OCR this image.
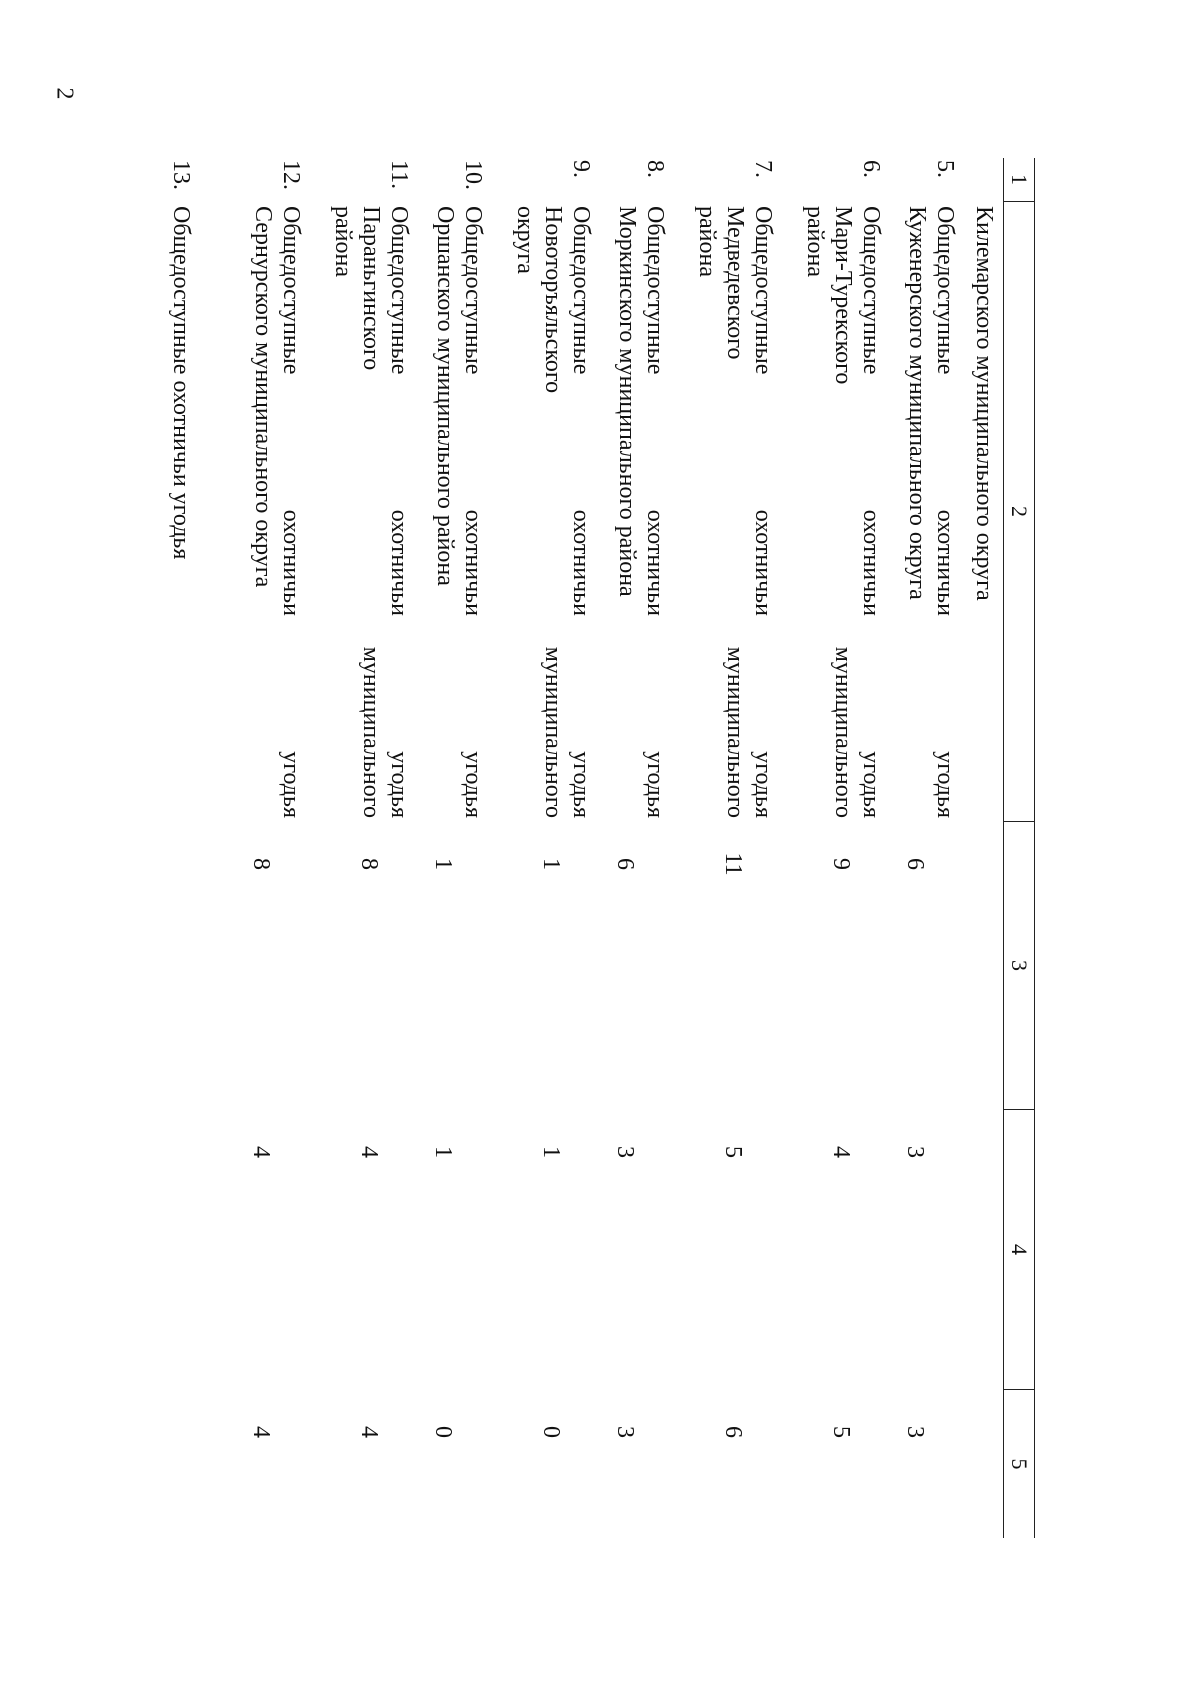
2
1
2
3
4
5
Килемарского муниципального округа
5.
Общедоступные охотничьи угодья
Куженерского муниципального округа
6
3
3
6.
Общедоступные охотничьи угодья
Мари-Турекского муниципального
района
9
4
5
7.
Общедоступные охотничьи угодья
Медведевского муниципального
района
11
5
6
8.
Общедоступные охотничьи угодья
Моркинского муниципального района
6
3
3
9.
Общедоступные охотничьи угодья
Новоторъяльского муниципального
округа
1
1
0
10.
Общедоступные охотничьи угодья
Оршанского муниципального района
1
1
0
11.
Общедоступные охотничьи угодья
Параньгинского муниципального
района
8
4
4
12.
Общедоступные охотничьи угодья
Сернурского муниципального округа
8
4
4
13.
Общедоступные охотничьи угодья
